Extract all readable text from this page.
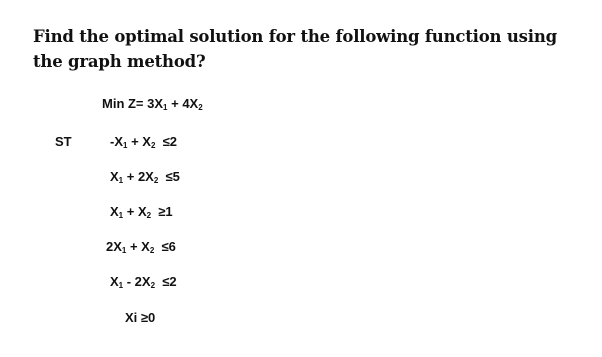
Find the optimal solution for the following function using the graph method?
Min $Z= 3X_1 + 4X_2$
ST	$-X_1 + X_2 \le 2$
$X_1 + 2X_2 \le 5$
$X_1 + X_2 \ge 1$
$2X_1 + X_2 \le 6$
$X_1 - 2X_2 \le 2$
Xi ≥0
